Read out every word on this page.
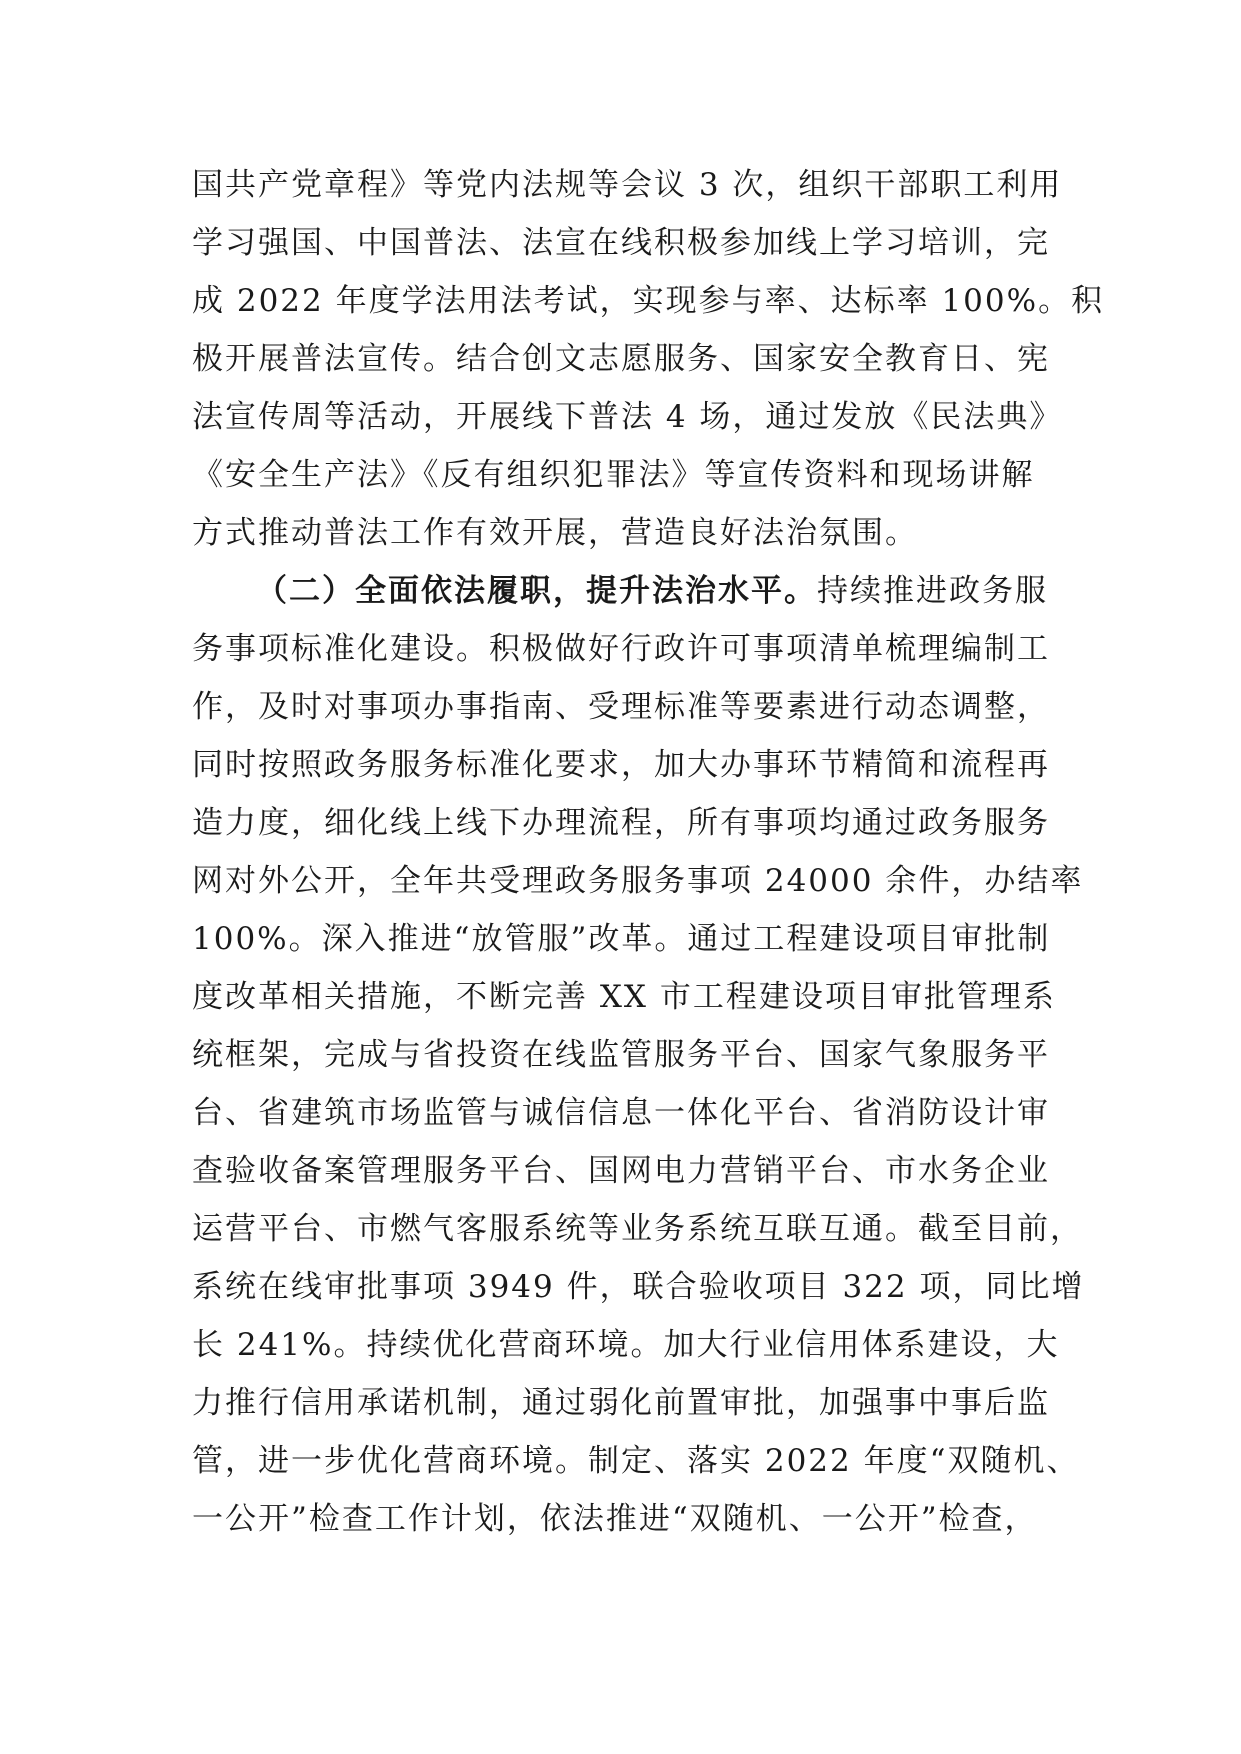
国共产党章程》等党内法规等会议 3 次，组织干部职工利用
学习强国、中国普法、法宣在线积极参加线上学习培训，完
成 2022 年度学法用法考试，实现参与率、达标率 100%。积
极开展普法宣传。结合创文志愿服务、国家安全教育日、宪
法宣传周等活动，开展线下普法 4 场，通过发放《民法典》
《安全生产法》《反有组织犯罪法》等宣传资料和现场讲解
方式推动普法工作有效开展，营造良好法治氛围。
（二）全面依法履职，提升法治水平。持续推进政务服
务事项标准化建设。积极做好行政许可事项清单梳理编制工
作，及时对事项办事指南、受理标准等要素进行动态调整，
同时按照政务服务标准化要求，加大办事环节精简和流程再
造力度，细化线上线下办理流程，所有事项均通过政务服务
网对外公开，全年共受理政务服务事项 24000 余件，办结率
100%。深入推进“放管服”改革。通过工程建设项目审批制
度改革相关措施，不断完善 XX 市工程建设项目审批管理系
统框架，完成与省投资在线监管服务平台、国家气象服务平
台、省建筑市场监管与诚信信息一体化平台、省消防设计审
查验收备案管理服务平台、国网电力营销平台、市水务企业
运营平台、市燃气客服系统等业务系统互联互通。截至目前，
系统在线审批事项 3949 件，联合验收项目 322 项，同比增
长 241%。持续优化营商环境。加大行业信用体系建设，大
力推行信用承诺机制，通过弱化前置审批，加强事中事后监
管，进一步优化营商环境。制定、落实 2022 年度“双随机、
一公开”检查工作计划，依法推进“双随机、一公开”检查，
